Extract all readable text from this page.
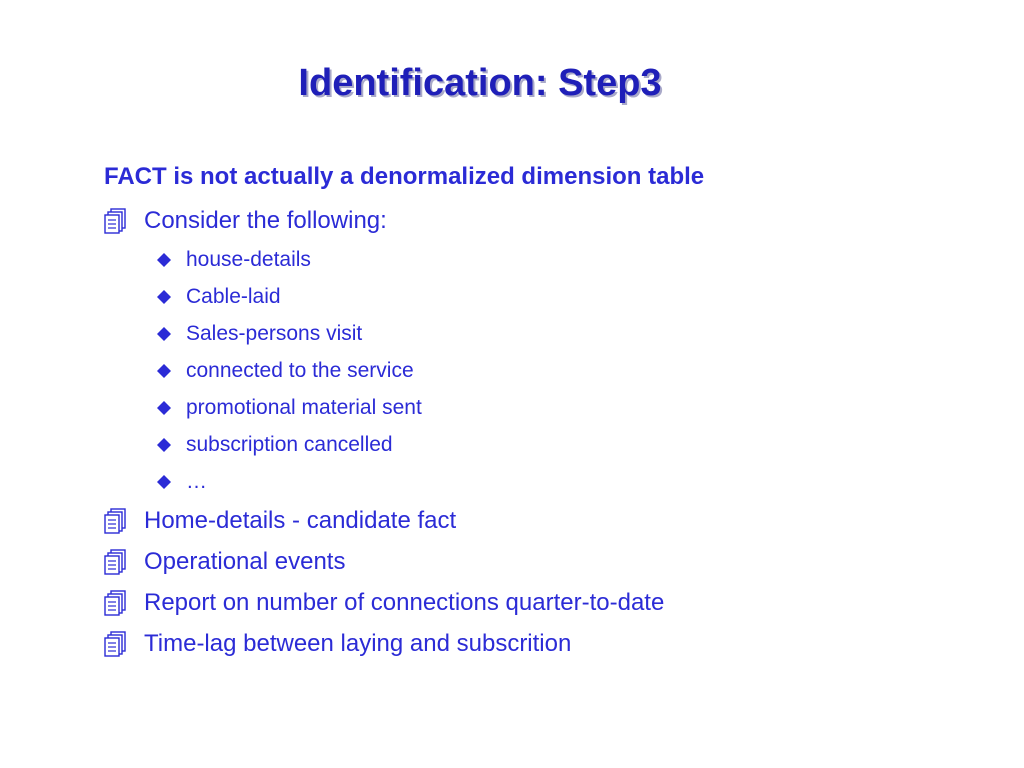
Identification: Step3
FACT is not actually a denormalized dimension table
Consider the following:
house-details
Cable-laid
Sales-persons visit
connected to the service
promotional material sent
subscription cancelled
…
Home-details - candidate fact
Operational events
Report on number of connections quarter-to-date
Time-lag between laying and subscrition
